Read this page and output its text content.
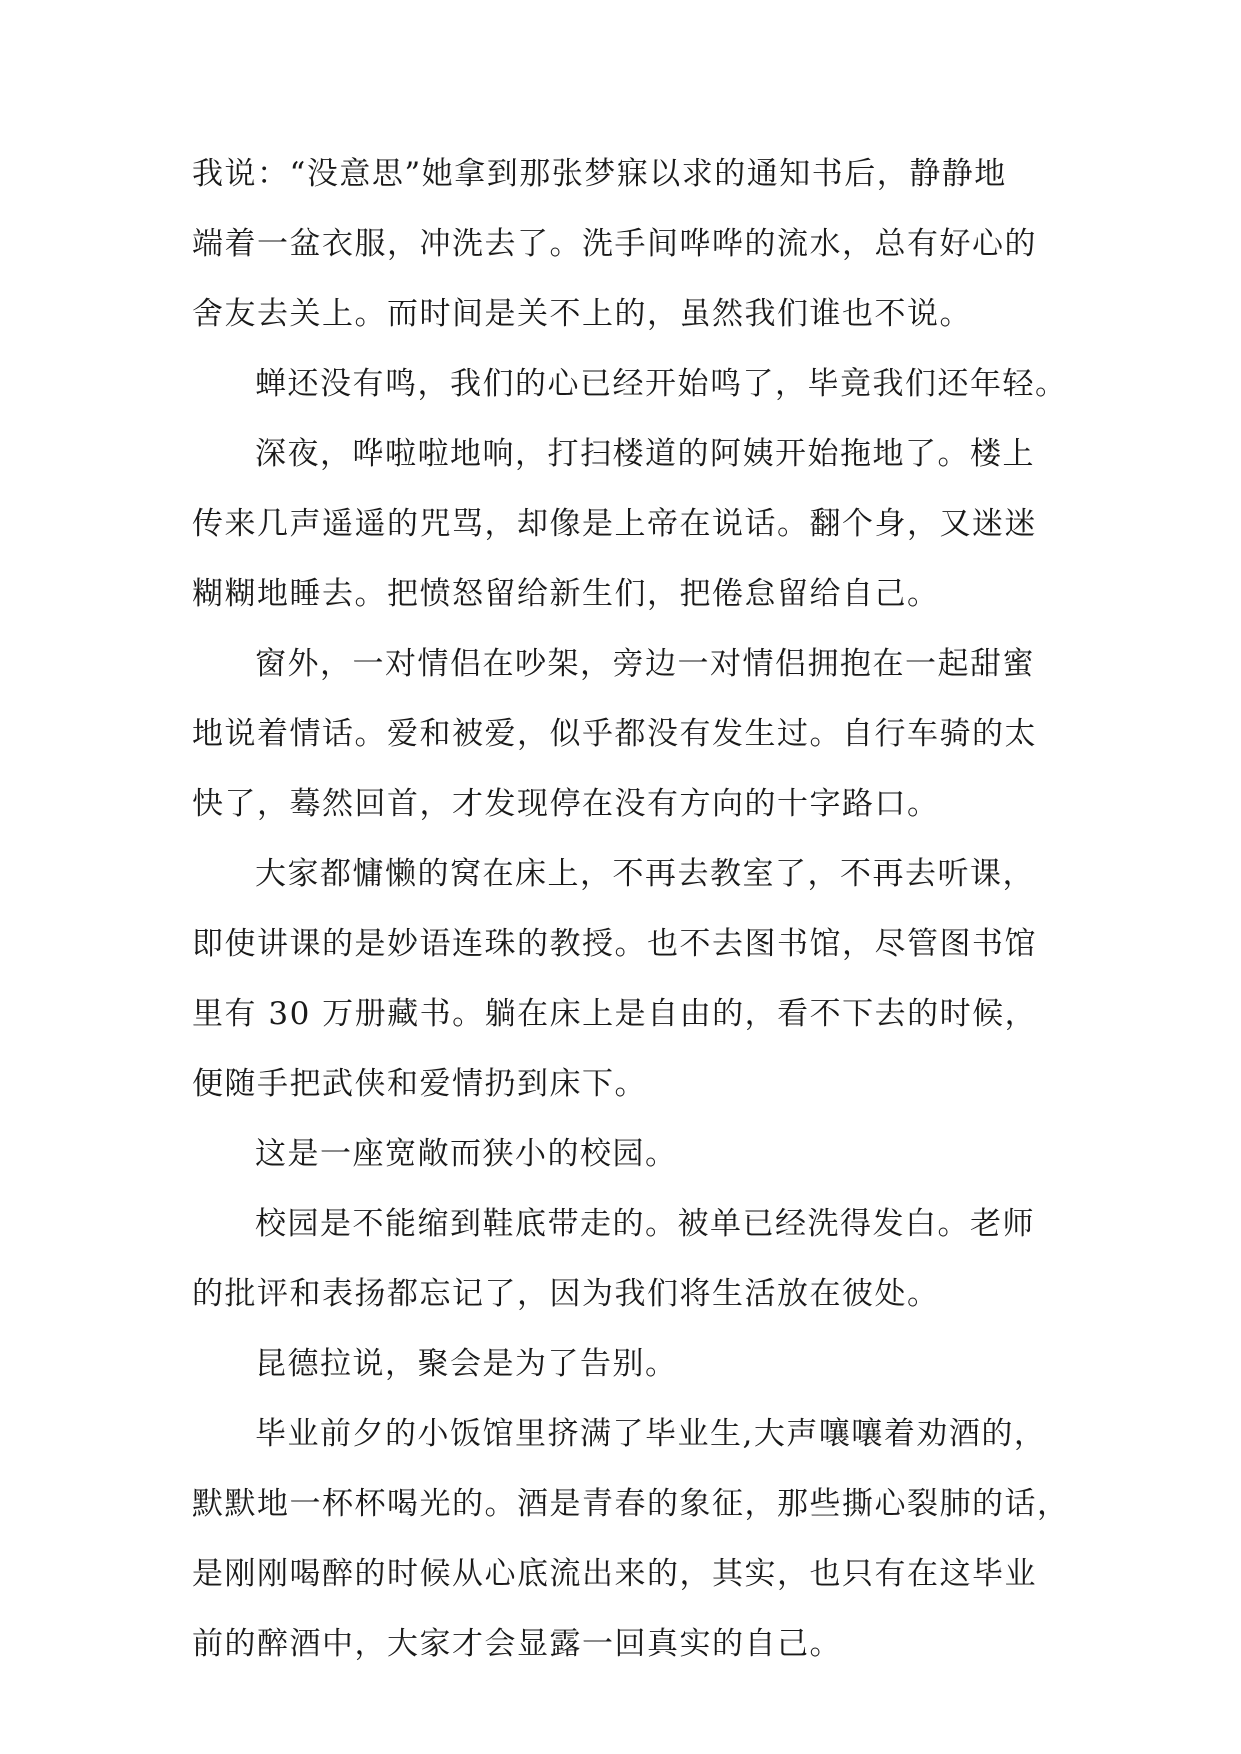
我说：“没意思”她拿到那张梦寐以求的通知书后，静静地
端着一盆衣服，冲洗去了。洗手间哗哗的流水，总有好心的
舍友去关上。而时间是关不上的，虽然我们谁也不说。
蝉还没有鸣，我们的心已经开始鸣了，毕竟我们还年轻。
深夜，哗啦啦地响，打扫楼道的阿姨开始拖地了。楼上
传来几声遥遥的咒骂，却像是上帝在说话。翻个身，又迷迷
糊糊地睡去。把愤怒留给新生们，把倦怠留给自己。
窗外，一对情侣在吵架，旁边一对情侣拥抱在一起甜蜜
地说着情话。爱和被爱，似乎都没有发生过。自行车骑的太
快了，蓦然回首，才发现停在没有方向的十字路口。
大家都慵懒的窝在床上，不再去教室了，不再去听课，
即使讲课的是妙语连珠的教授。也不去图书馆，尽管图书馆
里有 30 万册藏书。躺在床上是自由的，看不下去的时候，
便随手把武侠和爱情扔到床下。
这是一座宽敞而狭小的校园。
校园是不能缩到鞋底带走的。被单已经洗得发白。老师
的批评和表扬都忘记了，因为我们将生活放在彼处。
昆德拉说，聚会是为了告别。
毕业前夕的小饭馆里挤满了毕业生,大声嚷嚷着劝酒的，
默默地一杯杯喝光的。酒是青春的象征，那些撕心裂肺的话，
是刚刚喝醉的时候从心底流出来的，其实，也只有在这毕业
前的醉酒中，大家才会显露一回真实的自己。
